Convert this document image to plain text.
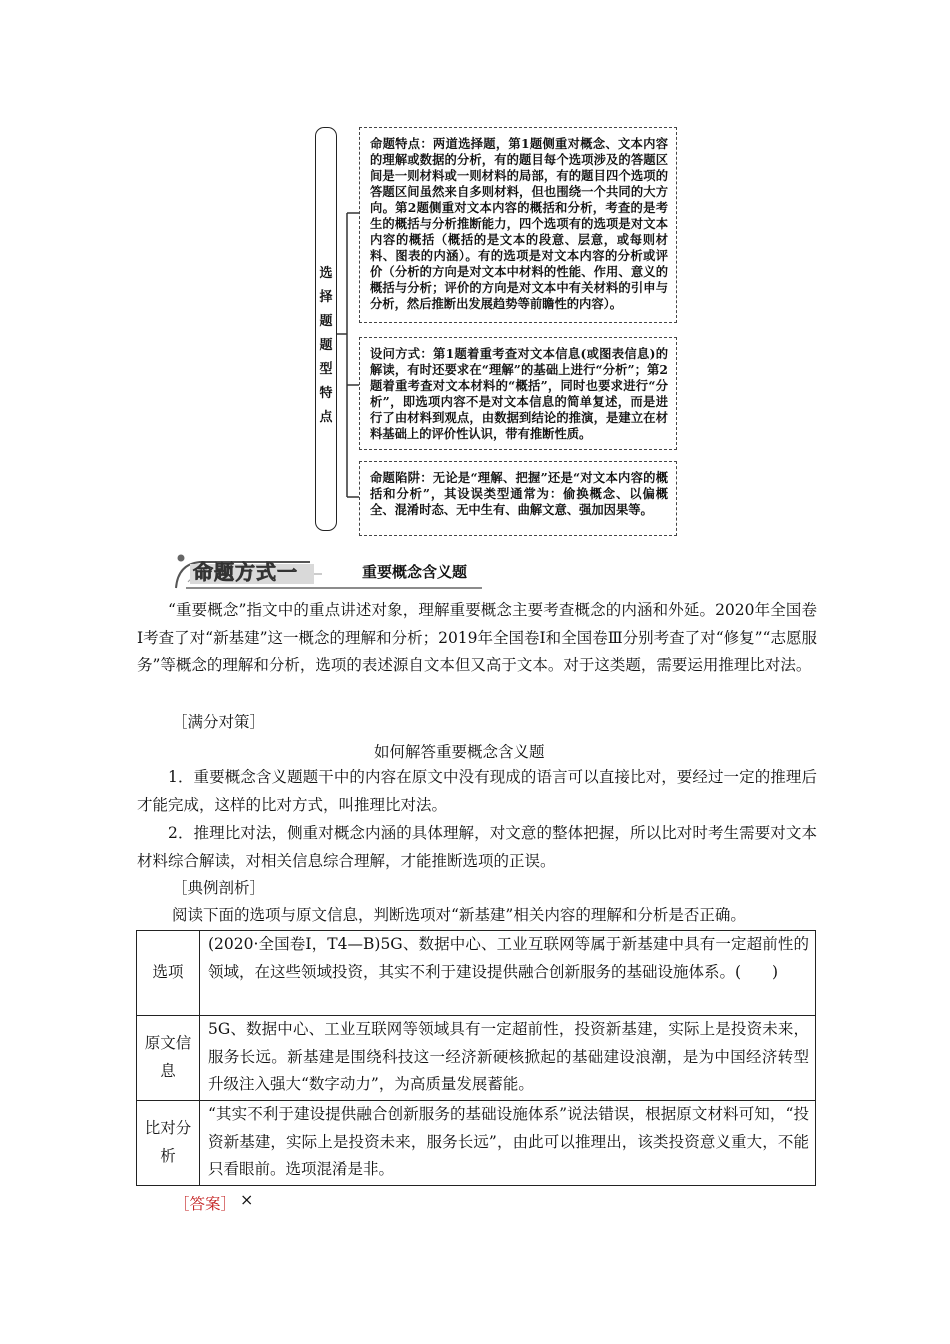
选
择
题
题
型
特
点
命题特点：两道选择题，第1题侧重对概念、文本内容的理解或数据的分析，有的题目每个选项涉及的答题区间是一则材料或一则材料的局部，有的题目四个选项的答题区间虽然来自多则材料，但也围绕一个共同的大方向。第2题侧重对文本内容的概括和分析，考查的是考生的概括与分析推断能力，四个选项有的选项是对文本内容的概括（概括的是文本的段意、层意，或每则材料、图表的内涵）。有的选项是对文本内容的分析或评价（分析的方向是对文本中材料的性能、作用、意义的概括与分析；评价的方向是对文本中有关材料的引申与分析，然后推断出发展趋势等前瞻性的内容）。
设问方式：第1题着重考查对文本信息(或图表信息)的解读，有时还要求在“理解”的基础上进行“分析”；第2题着重考查对文本材料的“概括”，同时也要求进行“分析”，即选项内容不是对文本信息的简单复述，而是进行了由材料到观点，由数据到结论的推演，是建立在材料基础上的评价性认识，带有推断性质。
命题陷阱：无论是“理解、把握”还是“对文本内容的概括和分析”，其设误类型通常为：偷换概念、以偏概全、混淆时态、无中生有、曲解文意、强加因果等。
命题方式一	重要概念含义题
“重要概念”指文中的重点讲述对象，理解重要概念主要考查概念的内涵和外延。2020年全国卷Ⅰ考查了对“新基建”这一概念的理解和分析；2019年全国卷Ⅰ和全国卷Ⅲ分别考查了对“修复”“志愿服务”等概念的理解和分析，选项的表述源自文本但又高于文本。对于这类题，需要运用推理比对法。
［满分对策］
如何解答重要概念含义题
1．重要概念含义题题干中的内容在原文中没有现成的语言可以直接比对，要经过一定的推理后才能完成，这样的比对方式，叫推理比对法。
2．推理比对法，侧重对概念内涵的具体理解，对文意的整体把握，所以比对时考生需要对文本材料综合解读，对相关信息综合理解，才能推断选项的正误。
［典例剖析］
阅读下面的选项与原文信息，判断选项对“新基建”相关内容的理解和分析是否正确。
选项	(2020·全国卷Ⅰ，T4—B)5G、数据中心、工业互联网等属于新基建中具有一定超前性的领域，在这些领域投资，其实不利于建设提供融合创新服务的基础设施体系。(　　)
原文信息	5G、数据中心、工业互联网等领域具有一定超前性，投资新基建，实际上是投资未来，服务长远。新基建是围绕科技这一经济新硬核掀起的基础建设浪潮，是为中国经济转型升级注入强大“数字动力”，为高质量发展蓄能。
比对分析	“其实不利于建设提供融合创新服务的基础设施体系”说法错误，根据原文材料可知，“投资新基建，实际上是投资未来，服务长远”，由此可以推理出，该类投资意义重大，不能只看眼前。选项混淆是非。
［答案］ ×
